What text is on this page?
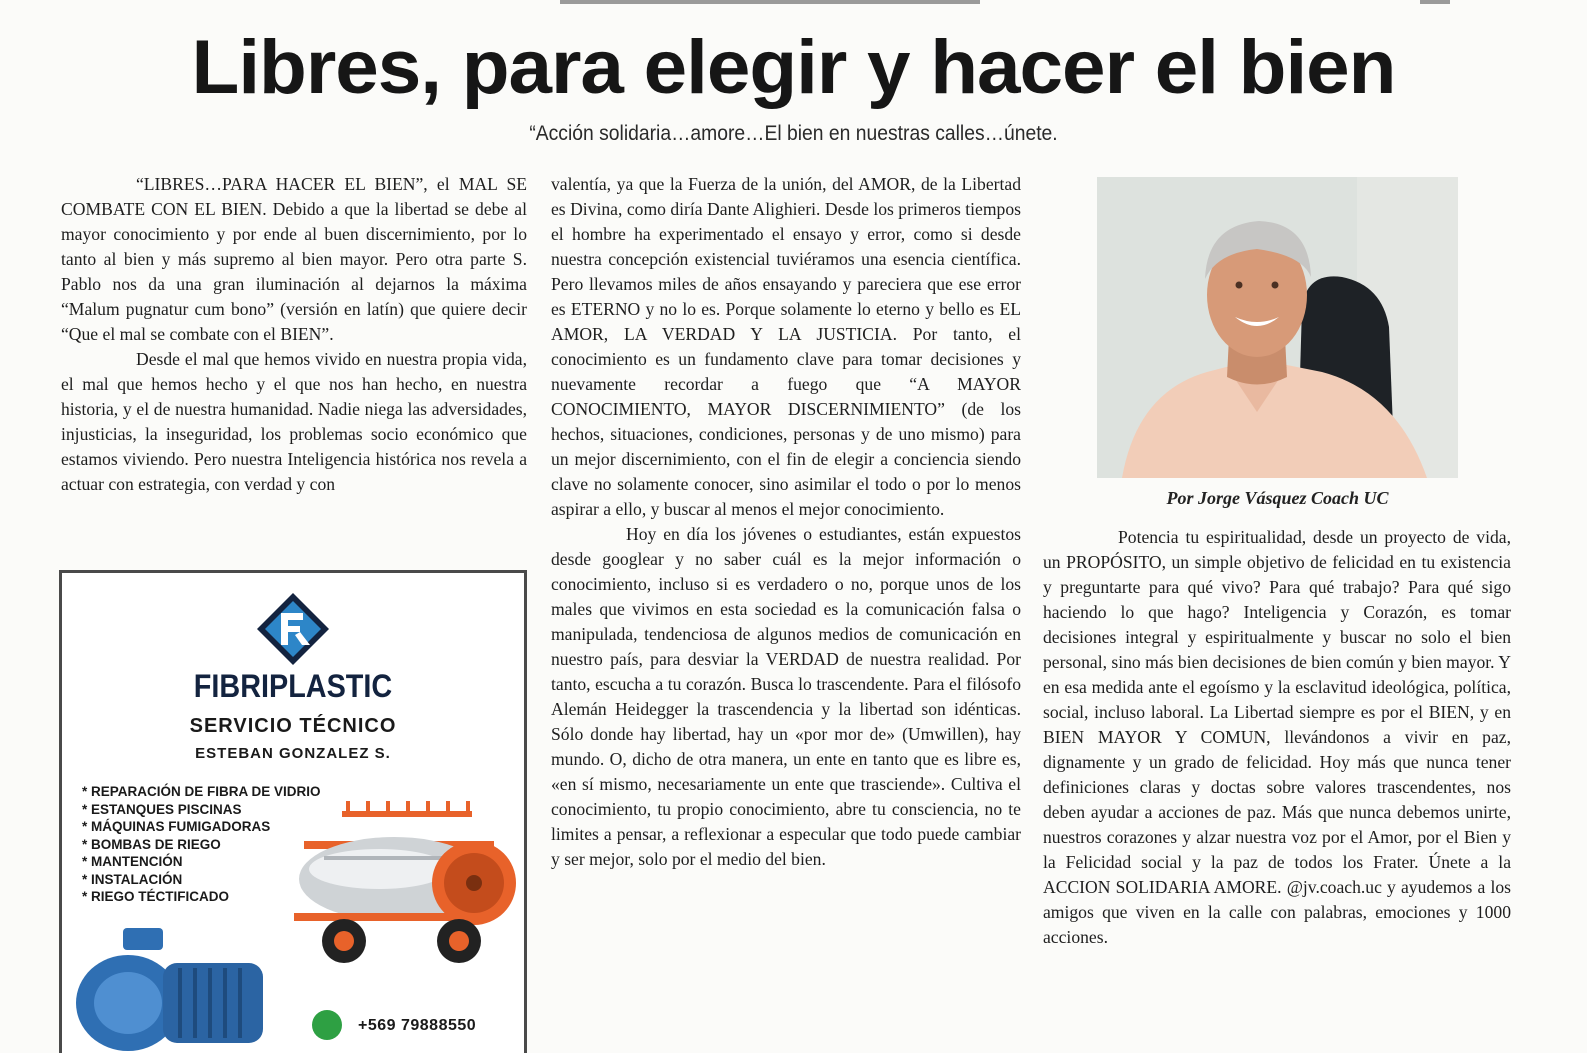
Libres, para elegir y hacer el bien
“Acción solidaria…amore…El bien en nuestras calles…únete.

“LIBRES…PARA HACER EL BIEN”, el MAL SE COMBATE CON EL BIEN. Debido a que la libertad se debe al mayor conocimiento y por ende al buen discernimiento, por lo tanto al bien y más supremo al bien mayor. Pero otra parte S. Pablo nos da una gran iluminación al dejarnos la máxima “Malum pugnatur cum bono” (versión en latín) que quiere decir “Que el mal se combate con el BIEN”.

Desde el mal que hemos vivido en nuestra propia vida, el mal que hemos hecho y el que nos han hecho, en nuestra historia, y el de nuestra humanidad. Nadie niega las adversidades, injusticias, la inseguridad, los problemas socio económico que estamos viviendo. Pero nuestra Inteligencia histórica nos revela a actuar con estrategia, con verdad y con

valentía, ya que la Fuerza de la unión, del AMOR, de la Libertad es Divina, como diría Dante Alighieri. Desde los primeros tiempos el hombre ha experimentado el ensayo y error, como si desde nuestra concepción existencial tuviéramos una esencia científica. Pero llevamos miles de años ensayando y pareciera que ese error es ETERNO y no lo es. Porque solamente lo eterno y bello es EL AMOR, LA VERDAD Y LA JUSTICIA. Por tanto, el conocimiento es un fundamento clave para tomar decisiones y nuevamente recordar a fuego que “A MAYOR CONOCIMIENTO, MAYOR DISCERNIMIENTO” (de los hechos, situaciones, condiciones, personas y de uno mismo) para un mejor discernimiento, con el fin de elegir a conciencia siendo clave no solamente conocer, sino asimilar el todo o por lo menos aspirar a ello, y buscar al menos el mejor conocimiento.

Hoy en día los jóvenes o estudiantes, están expuestos desde googlear y no saber cuál es la mejor información o conocimiento, incluso si es verdadero o no, porque unos de los males que vivimos en esta sociedad es la comunicación falsa o manipulada, tendenciosa de algunos medios de comunicación en nuestro país, para desviar la VERDAD de nuestra realidad. Por tanto, escucha a tu corazón. Busca lo trascendente. Para el filósofo Alemán Heidegger la trascendencia y la libertad son idénticas. Sólo donde hay libertad, hay un «por mor de» (Umwillen), hay mundo. O, dicho de otra manera, un ente en tanto que es libre es, «en sí mismo, necesariamente un ente que trasciende». Cultiva el conocimiento, tu propio conocimiento, abre tu consciencia, no te limites a pensar, a reflexionar a especular que todo puede cambiar y ser mejor, solo por el medio del bien.

Por Jorge Vásquez Coach UC

Potencia tu espiritualidad, desde un proyecto de vida, un PROPÓSITO, un simple objetivo de felicidad en tu existencia y preguntarte para qué vivo? Para qué trabajo? Para qué sigo haciendo lo que hago? Inteligencia y Corazón, es tomar decisiones integral y espiritualmente y buscar no solo el bien personal, sino más bien decisiones de bien común y bien mayor. Y en esa medida ante el egoísmo y la esclavitud ideológica, política, social, incluso laboral. La Libertad siempre es por el BIEN, y en BIEN MAYOR Y COMUN, llevándonos a vivir en paz, dignamente y un grado de felicidad. Hoy más que nunca tener definiciones claras y doctas sobre valores trascendentes, nos deben ayudar a acciones de paz. Más que nunca debemos unirte, nuestros corazones y alzar nuestra voz por el Amor, por el Bien y la Felicidad social y la paz de todos los Frater. Únete a la ACCION SOLIDARIA AMORE. @jv.coach.uc y ayudemos a los amigos que viven en la calle con palabras, emociones y 1000 acciones.

FIBRIPLASTIC
SERVICIO TÉCNICO
ESTEBAN GONZALEZ S.
* REPARACIÓN DE FIBRA DE VIDRIO
* ESTANQUES PISCINAS
* MÁQUINAS FUMIGADORAS
* BOMBAS DE RIEGO
* MANTENCIÓN
* INSTALACIÓN
* RIEGO TÉCTIFICADO
+569 79888550
